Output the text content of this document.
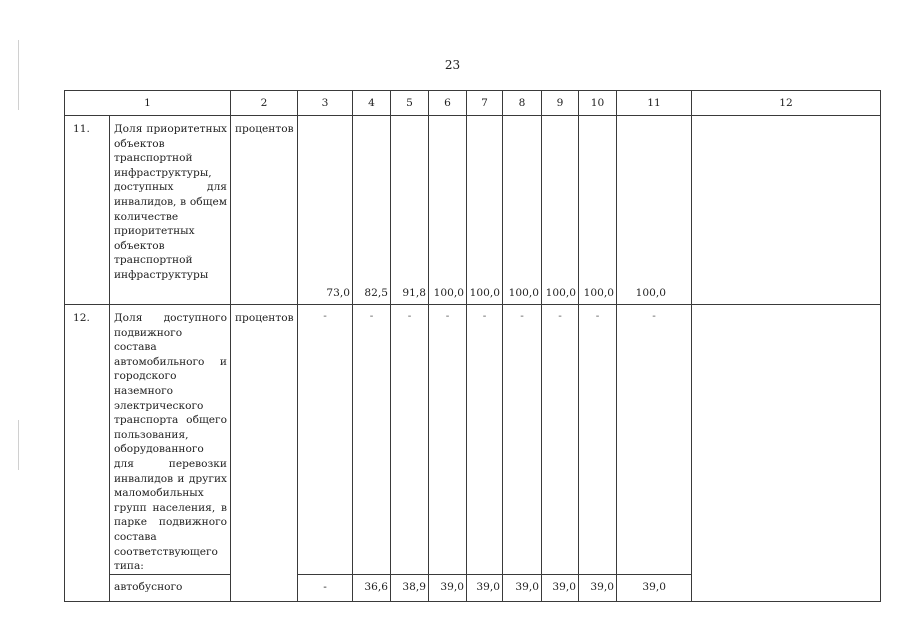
23
1		2	3	4	5	6	7	8	9	10	11	12
11.	Доля приоритетных объектов транспортной инфраструктуры, доступных для инвалидов, в общем количестве приоритетных объектов транспортной инфраструктуры	процентов	73,0	82,5	91,8	100,0	100,0	100,0	100,0	100,0	100,0	
12.	Доля доступного подвижного состава автомобильного и городского наземного электрического транспорта общего пользования, оборудованного для перевозки инвалидов и других маломобильных групп населения, в парке подвижного состава соответствующего типа:	процентов	-	-	-	-	-	-	-	-	-	
	автобусного		-	36,6	38,9	39,0	39,0	39,0	39,0	39,0	39,0	
